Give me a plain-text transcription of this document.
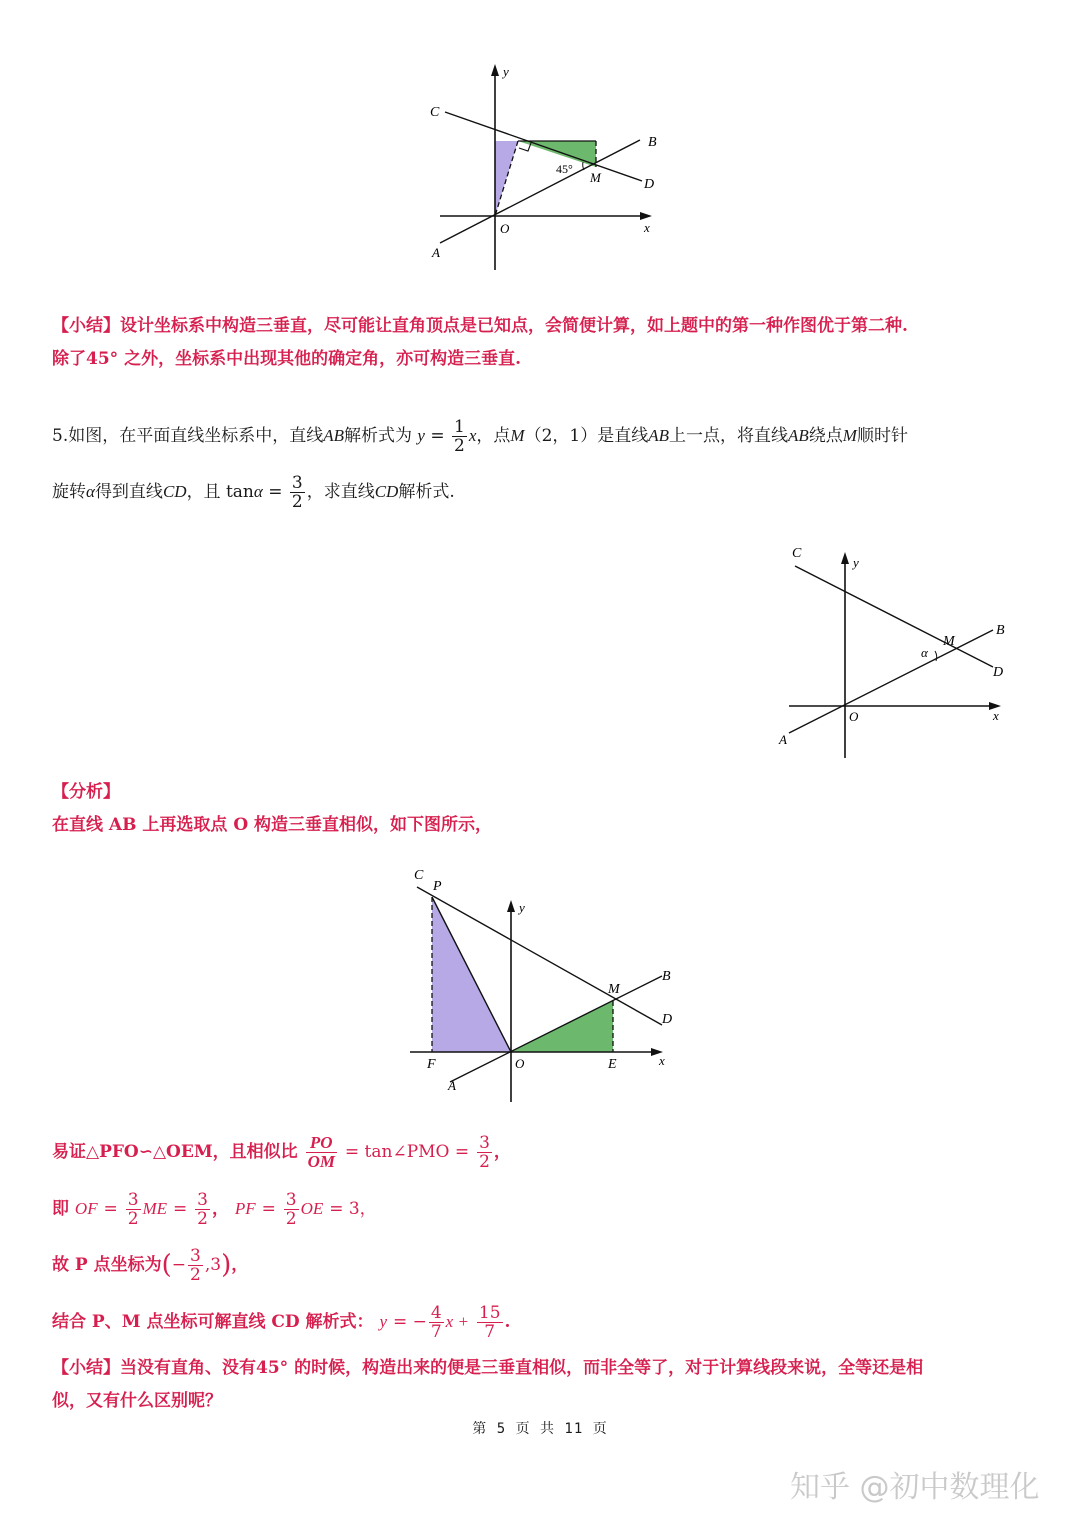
y
x
C
B
D
M
O
A
45°
【小结】设计坐标系中构造三垂直，尽可能让直角顶点是已知点，会简便计算，如上题中的第一种作图优于第二种.
除了45° 之外，坐标系中出现其他的确定角，亦可构造三垂直.
5.如图，在平面直线坐标系中，直线AB解析式为 $y = \frac{1}{2}$ x，点M（2，1）是直线AB上一点，将直线AB绕点M顺时针
旋转α得到直线CD，且 $\tan\alpha = \frac{3}{2}$ ，求直线CD解析式.
C
y
M
B
α
D
O	x
A
【分析】
在直线 AB 上再选取点 O 构造三垂直相似，如下图所示，
C
P
y
M
B
D
F	O	E	x
A
易证△PFO∽△OEM，且相似比 $\frac{PO}{OM}$ = tan∠PMO = $\frac{3}{2}$ ，
即 OF = $\frac{3}{2}$ ME = $\frac{3}{2}$ ， PF = $\frac{3}{2}$ OE = 3，
故 P 点坐标为(− $\frac{3}{2} ,3$)，
结合 P、M 点坐标可解直线 CD 解析式： y = − $\frac{4}{7}$ $x + \frac{15}{7}$ .
【小结】当没有直角、没有45° 的时候，构造出来的便是三垂直相似，而非全等了，对于计算线段来说，全等还是相
似，又有什么区别呢？
第 5 页 共 11 页
知乎 @初中数理化
